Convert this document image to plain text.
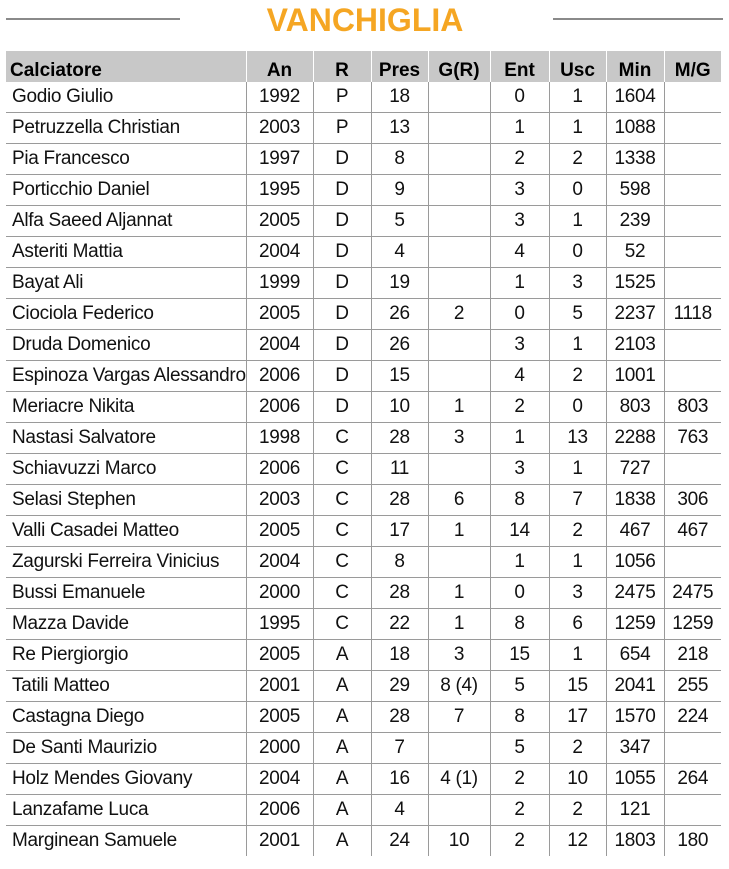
VANCHIGLIA
Calciatore	An	R	Pres	G(R)	Ent	Usc	Min	M/G
Godio Giulio	1992	P	18		0	1	1604	
Petruzzella Christian	2003	P	13		1	1	1088	
Pia Francesco	1997	D	8		2	2	1338	
Porticchio Daniel	1995	D	9		3	0	598	
Alfa Saeed Aljannat	2005	D	5		3	1	239	
Asteriti Mattia	2004	D	4		4	0	52	
Bayat Ali	1999	D	19		1	3	1525	
Ciociola Federico	2005	D	26	2	0	5	2237	1118
Druda Domenico	2004	D	26		3	1	2103	
Espinoza Vargas Alessandro	2006	D	15		4	2	1001	
Meriacre Nikita	2006	D	10	1	2	0	803	803
Nastasi Salvatore	1998	C	28	3	1	13	2288	763
Schiavuzzi Marco	2006	C	11		3	1	727	
Selasi Stephen	2003	C	28	6	8	7	1838	306
Valli Casadei Matteo	2005	C	17	1	14	2	467	467
Zagurski Ferreira Vinicius	2004	C	8		1	1	1056	
Bussi Emanuele	2000	C	28	1	0	3	2475	2475
Mazza Davide	1995	C	22	1	8	6	1259	1259
Re Piergiorgio	2005	A	18	3	15	1	654	218
Tatili Matteo	2001	A	29	8 (4)	5	15	2041	255
Castagna Diego	2005	A	28	7	8	17	1570	224
De Santi Maurizio	2000	A	7		5	2	347	
Holz Mendes Giovany	2004	A	16	4 (1)	2	10	1055	264
Lanzafame Luca	2006	A	4		2	2	121	
Marginean Samuele	2001	A	24	10	2	12	1803	180
